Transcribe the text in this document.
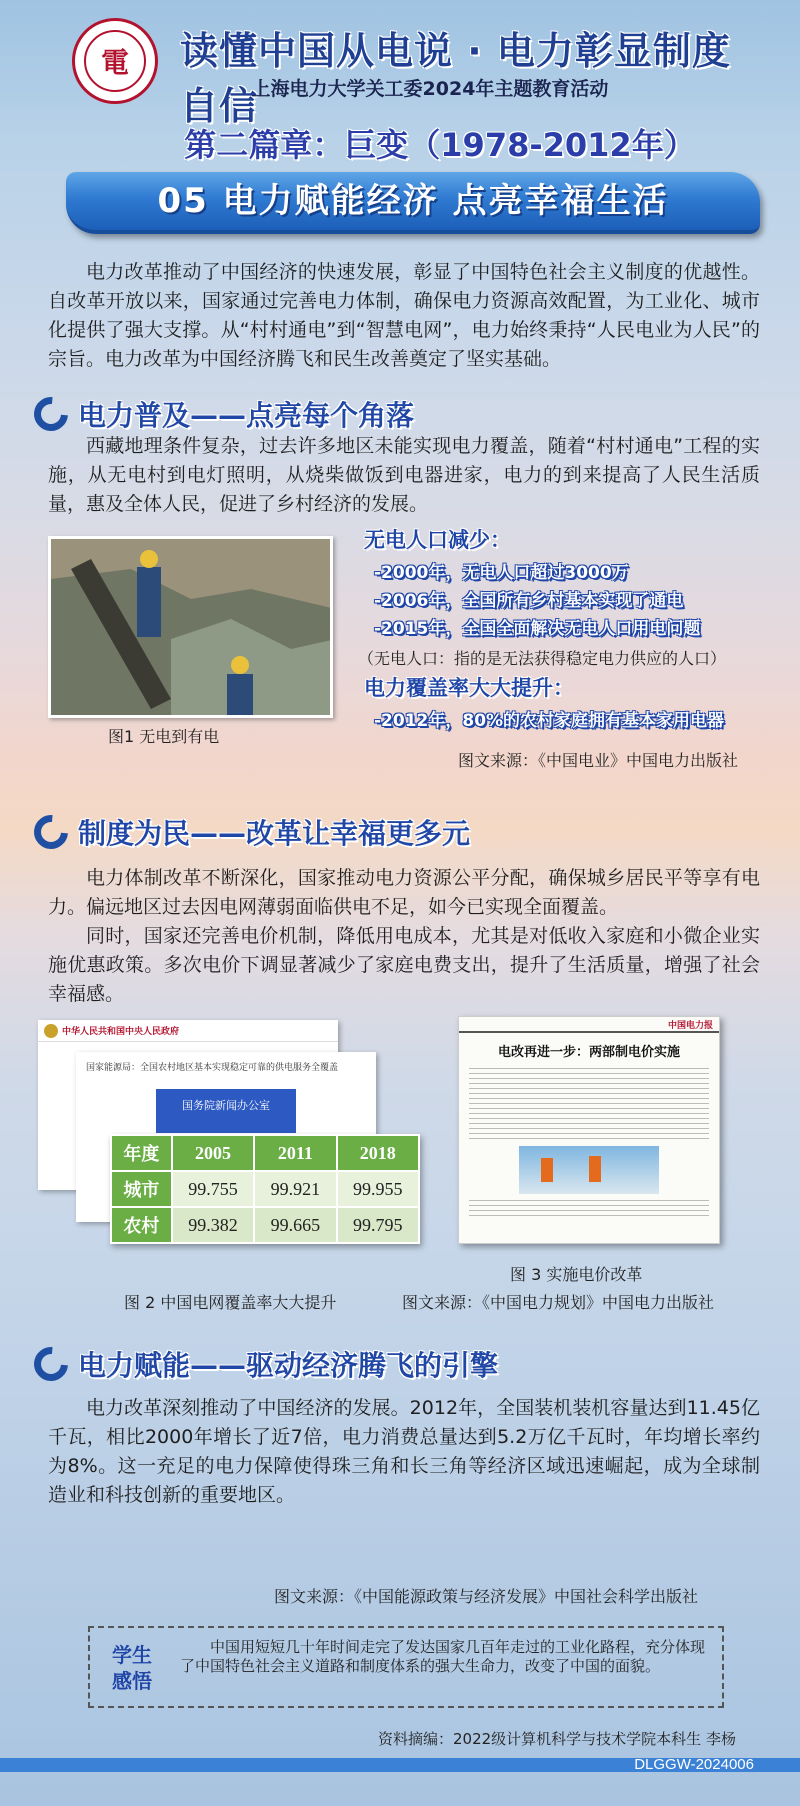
電	读懂中国从电说 · 电力彰显制度自信
上海电力大学关工委2024年主题教育活动
第二篇章：巨变（1978-2012年）
05 电力赋能经济 点亮幸福生活
电力改革推动了中国经济的快速发展，彰显了中国特色社会主义制度的优越性。自改革开放以来，国家通过完善电力体制，确保电力资源高效配置，为工业化、城市化提供了强大支撑。从“村村通电”到“智慧电网”，电力始终秉持“人民电业为人民”的宗旨。电力改革为中国经济腾飞和民生改善奠定了坚实基础。
电力普及——点亮每个角落
西藏地理条件复杂，过去许多地区未能实现电力覆盖，随着“村村通电”工程的实施，从无电村到电灯照明，从烧柴做饭到电器进家，电力的到来提高了人民生活质量，惠及全体人民，促进了乡村经济的发展。
图1 无电到有电
无电人口减少：
-2000年，无电人口超过3000万
-2006年，全国所有乡村基本实现了通电
-2015年，全国全面解决无电人口用电问题
（无电人口：指的是无法获得稳定电力供应的人口）
电力覆盖率大大提升：
-2012年，80%的农村家庭拥有基本家用电器
图文来源：《中国电业》中国电力出版社
制度为民——改革让幸福更多元
电力体制改革不断深化，国家推动电力资源公平分配，确保城乡居民平等享有电力。偏远地区过去因电网薄弱面临供电不足，如今已实现全面覆盖。
同时，国家还完善电价机制，降低用电成本，尤其是对低收入家庭和小微企业实施优惠政策。多次电价下调显著减少了家庭电费支出，提升了生活质量，增强了社会幸福感。
中华人民共和国中央人民政府
国家能源局：全国农村地区基本实现稳定可靠的供电服务全覆盖
国务院新闻办公室
年度	2005	2011	2018
城市	99.755	99.921	99.955
农村	99.382	99.665	99.795
中国电力报
电改再进一步：两部制电价实施
图 3 实施电价改革
图 2 中国电网覆盖率大大提升	图文来源：《中国电力规划》中国电力出版社
电力赋能——驱动经济腾飞的引擎
电力改革深刻推动了中国经济的发展。2012年，全国装机装机容量达到11.45亿千瓦，相比2000年增长了近7倍，电力消费总量达到5.2万亿千瓦时，年均增长率约为8%。这一充足的电力保障使得珠三角和长三角等经济区域迅速崛起，成为全球制造业和科技创新的重要地区。
图文来源：《中国能源政策与经济发展》中国社会科学出版社
学生
感悟
中国用短短几十年时间走完了发达国家几百年走过的工业化路程，充分体现了中国特色社会主义道路和制度体系的强大生命力，改变了中国的面貌。
资料摘编：2022级计算机科学与技术学院本科生 李杨
DLGGW-2024006
